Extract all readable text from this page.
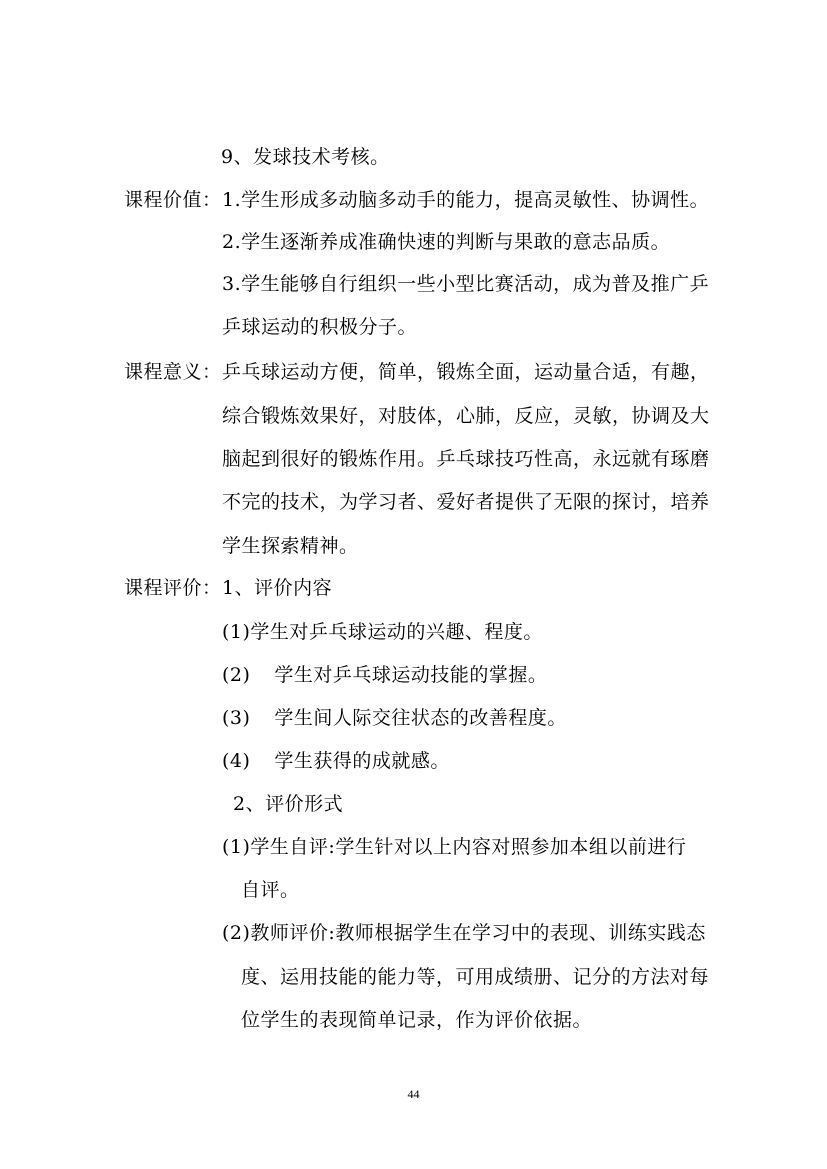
9、发球技术考核。
课程价值： 1.学生形成多动脑多动手的能力，提高灵敏性、协调性。
2.学生逐渐养成准确快速的判断与果敢的意志品质。
3.学生能够自行组织一些小型比赛活动，成为普及推广乒
乒球运动的积极分子。
课程意义： 乒乓球运动方便，简单，锻炼全面，运动量合适，有趣，
综合锻炼效果好，对肢体，心肺，反应，灵敏，协调及大
脑起到很好的锻炼作用。乒乓球技巧性高，永远就有琢磨
不完的技术，为学习者、爱好者提供了无限的探讨，培养
学生探索精神。
课程评价： 1、评价内容
(1)学生对乒乓球运动的兴趣、程度。
(2) 学生对乒乓球运动技能的掌握。
(3) 学生间人际交往状态的改善程度。
(4) 学生获得的成就感。
2、评价形式
(1)学生自评:学生针对以上内容对照参加本组以前进行
自评。
(2)教师评价:教师根据学生在学习中的表现、训练实践态
度、运用技能的能力等，可用成绩册、记分的方法对每
位学生的表现简单记录，作为评价依据。
44
